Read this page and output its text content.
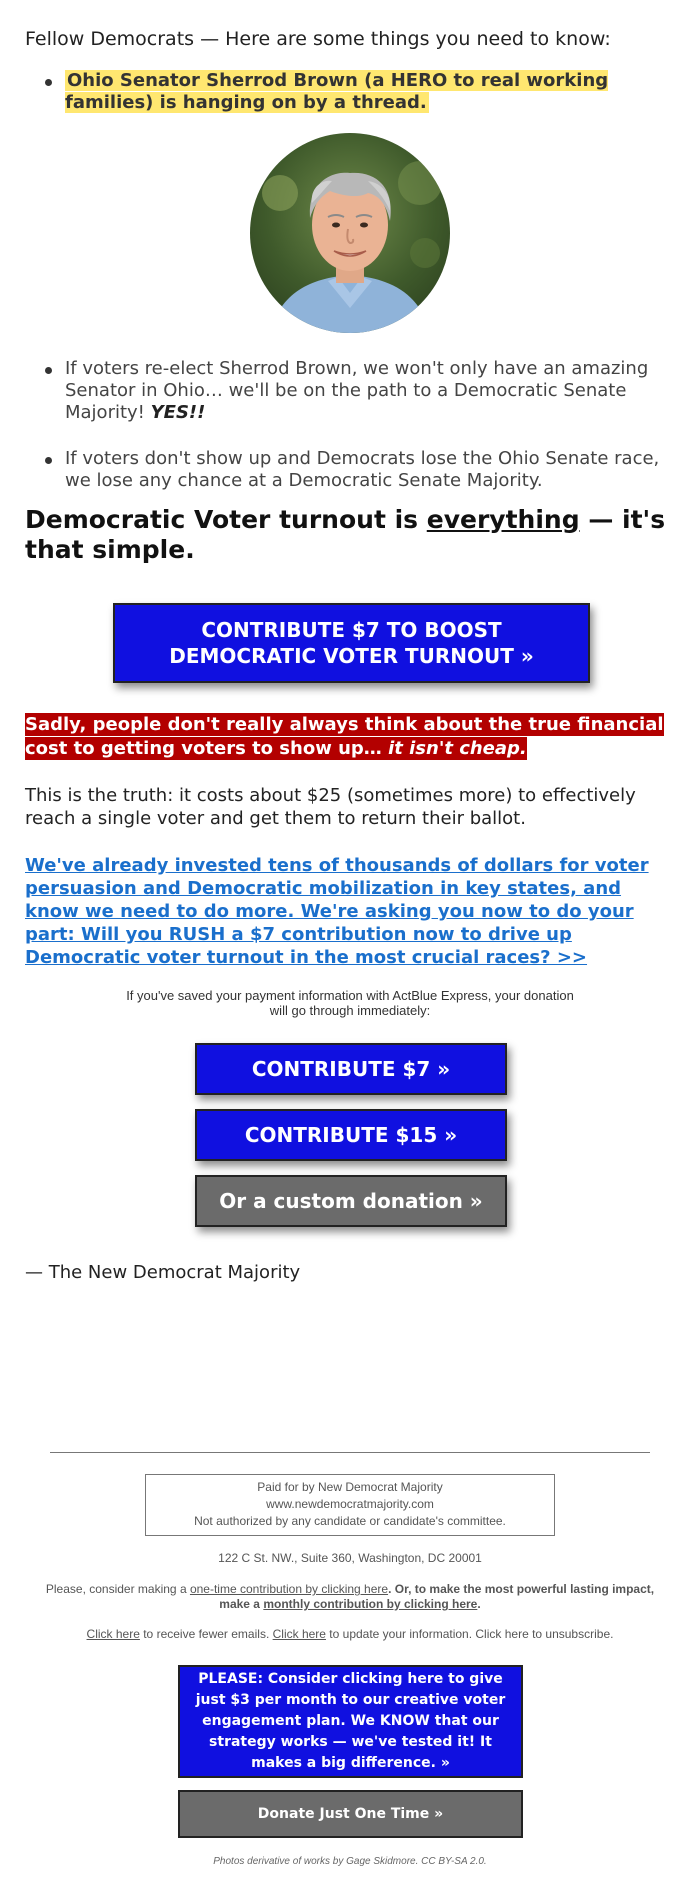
Fellow Democrats — Here are some things you need to know:

Ohio Senator Sherrod Brown (a HERO to real working families) is hanging on by a thread.
If voters re-elect Sherrod Brown, we won't only have an amazing Senator in Ohio… we'll be on the path to a Democratic Senate Majority! YES!!
If voters don't show up and Democrats lose the Ohio Senate race, we lose any chance at a Democratic Senate Majority.
Democratic Voter turnout is everything — it's that simple.
CONTRIBUTE $7 TO BOOST DEMOCRATIC VOTER TURNOUT »

Sadly, people don't really always think about the true financial cost to getting voters to show up… it isn't cheap.

This is the truth: it costs about $25 (sometimes more) to effectively reach a single voter and get them to return their ballot.

We've already invested tens of thousands of dollars for voter persuasion and Democratic mobilization in key states, and know we need to do more. We're asking you now to do your part: Will you RUSH a $7 contribution now to drive up Democratic voter turnout in the most crucial races? >>

If you've saved your payment information with ActBlue Express, your donation will go through immediately:

CONTRIBUTE $7 »
CONTRIBUTE $15 »
Or a custom donation »

— The New Democrat Majority

Paid for by New Democrat Majority
www.newdemocratmajority.com
Not authorized by any candidate or candidate's committee.
122 C St. NW., Suite 360, Washington, DC 20001
Please, consider making a one-time contribution by clicking here. Or, to make the most powerful lasting impact, make a monthly contribution by clicking here.
Click here to receive fewer emails. Click here to update your information. Click here to unsubscribe.
PLEASE: Consider clicking here to give just $3 per month to our creative voter engagement plan. We KNOW that our strategy works — we've tested it! It makes a big difference. »
Donate Just One Time »

Photos derivative of works by Gage Skidmore. CC BY-SA 2.0.
